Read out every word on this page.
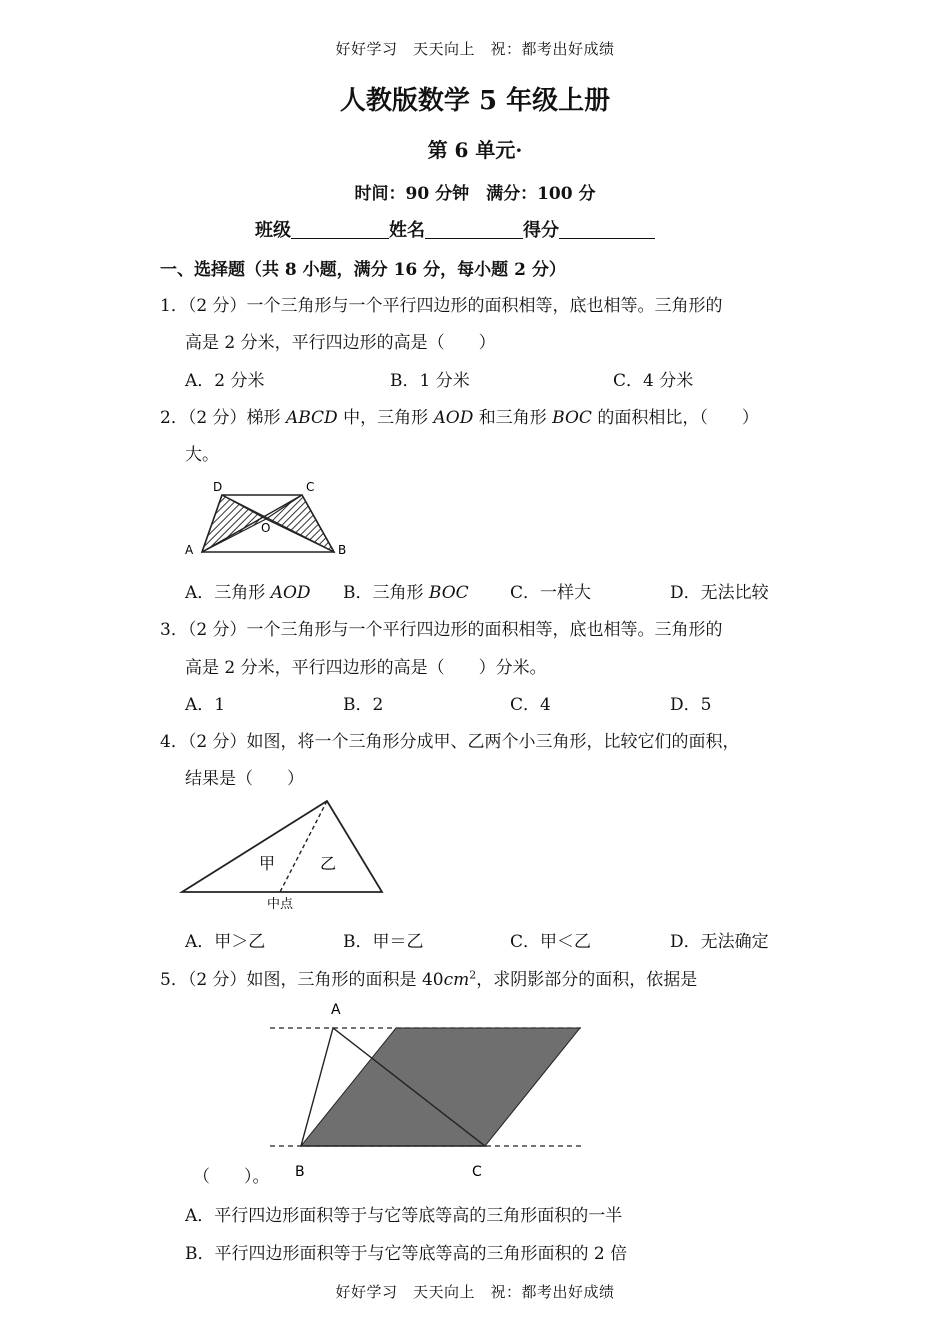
好好学习　天天向上　祝：都考出好成绩
人教版数学 5 年级上册
第 6 单元·
时间：90 分钟　满分：100 分
班级	姓名	得分
一、选择题（共 8 小题，满分 16 分，每小题 2 分）
1．（2 分）一个三角形与一个平行四边形的面积相等，底也相等。三角形的
高是 2 分米，平行四边形的高是（　　）
A．2 分米	B．1 分米	C．4 分米
2．（2 分）梯形 ABCD 中，三角形 AOD 和三角形 BOC 的面积相比，（　　）
大。
D	C
O
A	B
A．三角形 AOD B．三角形 BOC C．一样大	D．无法比较
3．（2 分）一个三角形与一个平行四边形的面积相等，底也相等。三角形的
高是 2 分米，平行四边形的高是（　　）分米。
A．1	B．2	C．4	D．5
4．（2 分）如图，将一个三角形分成甲、乙两个小三角形，比较它们的面积，
结果是（　　）
甲	乙
中点
A．甲＞乙	B．甲＝乙	C．甲＜乙	D．无法确定
5．（2 分）如图，三角形的面积是 $40cm^2$，求阴影部分的面积，依据是
A
B	C
（　　）。
A．平行四边形面积等于与它等底等高的三角形面积的一半
B．平行四边形面积等于与它等底等高的三角形面积的 2 倍
好好学习　天天向上　祝：都考出好成绩
